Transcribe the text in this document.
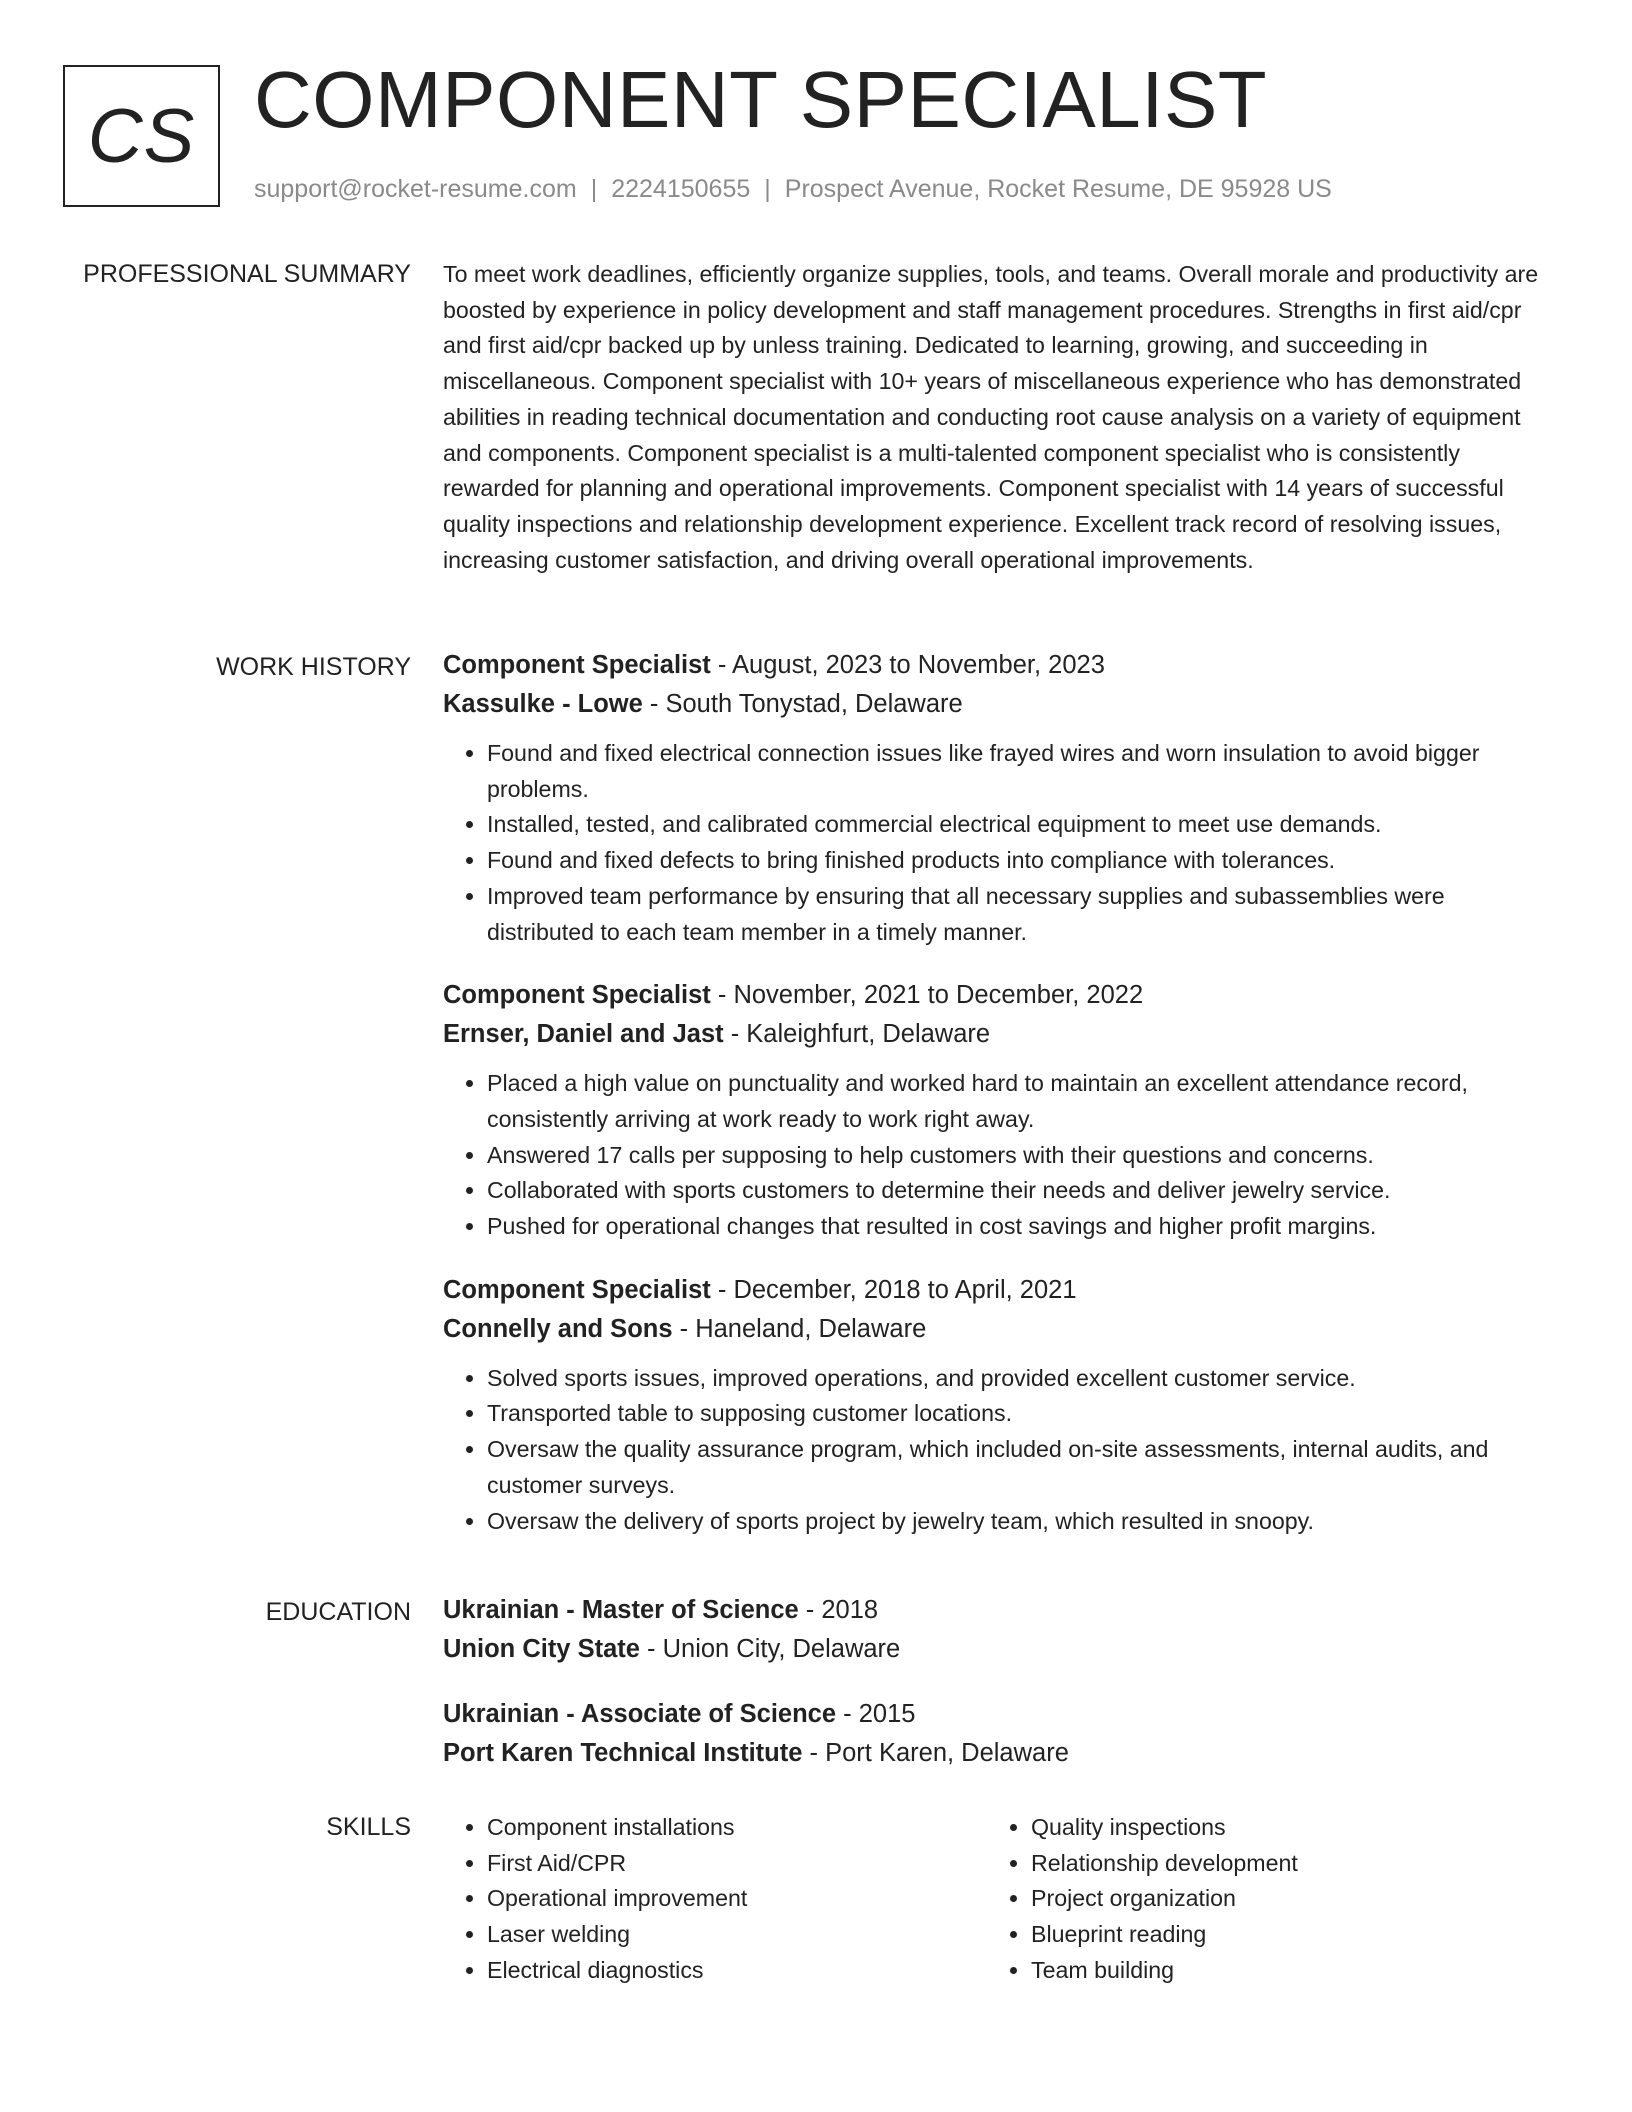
CS COMPONENT SPECIALIST
support@rocket-resume.com | 2224150655 | Prospect Avenue, Rocket Resume, DE 95928 US
PROFESSIONAL SUMMARY To meet work deadlines, efficiently organize supplies, tools, and teams. Overall morale and productivity are boosted by experience in policy development and staff management procedures. Strengths in first aid/cpr and first aid/cpr backed up by unless training. Dedicated to learning, growing, and succeeding in miscellaneous. Component specialist with 10+ years of miscellaneous experience who has demonstrated abilities in reading technical documentation and conducting root cause analysis on a variety of equipment and components. Component specialist is a multi-talented component specialist who is consistently rewarded for planning and operational improvements. Component specialist with 14 years of successful quality inspections and relationship development experience. Excellent track record of resolving issues, increasing customer satisfaction, and driving overall operational improvements.

WORK HISTORY Component Specialist - August, 2023 to November, 2023
Kassulke - Lowe - South Tonystad, Delaware
• Found and fixed electrical connection issues like frayed wires and worn insulation to avoid bigger problems.
• Installed, tested, and calibrated commercial electrical equipment to meet use demands.
• Found and fixed defects to bring finished products into compliance with tolerances.
• Improved team performance by ensuring that all necessary supplies and subassemblies were distributed to each team member in a timely manner.
Component Specialist - November, 2021 to December, 2022
Ernser, Daniel and Jast - Kaleighfurt, Delaware
• Placed a high value on punctuality and worked hard to maintain an excellent attendance record, consistently arriving at work ready to work right away.
• Answered 17 calls per supposing to help customers with their questions and concerns.
• Collaborated with sports customers to determine their needs and deliver jewelry service.
• Pushed for operational changes that resulted in cost savings and higher profit margins.
Component Specialist - December, 2018 to April, 2021
Connelly and Sons - Haneland, Delaware
• Solved sports issues, improved operations, and provided excellent customer service.
• Transported table to supposing customer locations.
• Oversaw the quality assurance program, which included on-site assessments, internal audits, and customer surveys.
• Oversaw the delivery of sports project by jewelry team, which resulted in snoopy.
EDUCATION Ukrainian - Master of Science - 2018
Union City State - Union City, Delaware
Ukrainian - Associate of Science - 2015
Port Karen Technical Institute - Port Karen, Delaware
SKILLS
•	Component installations
• First Aid/CPR
• Operational improvement
• Laser welding
• Electrical diagnostics
• Quality inspections
• Relationship development
• Project organization
• Blueprint reading
• Team building
